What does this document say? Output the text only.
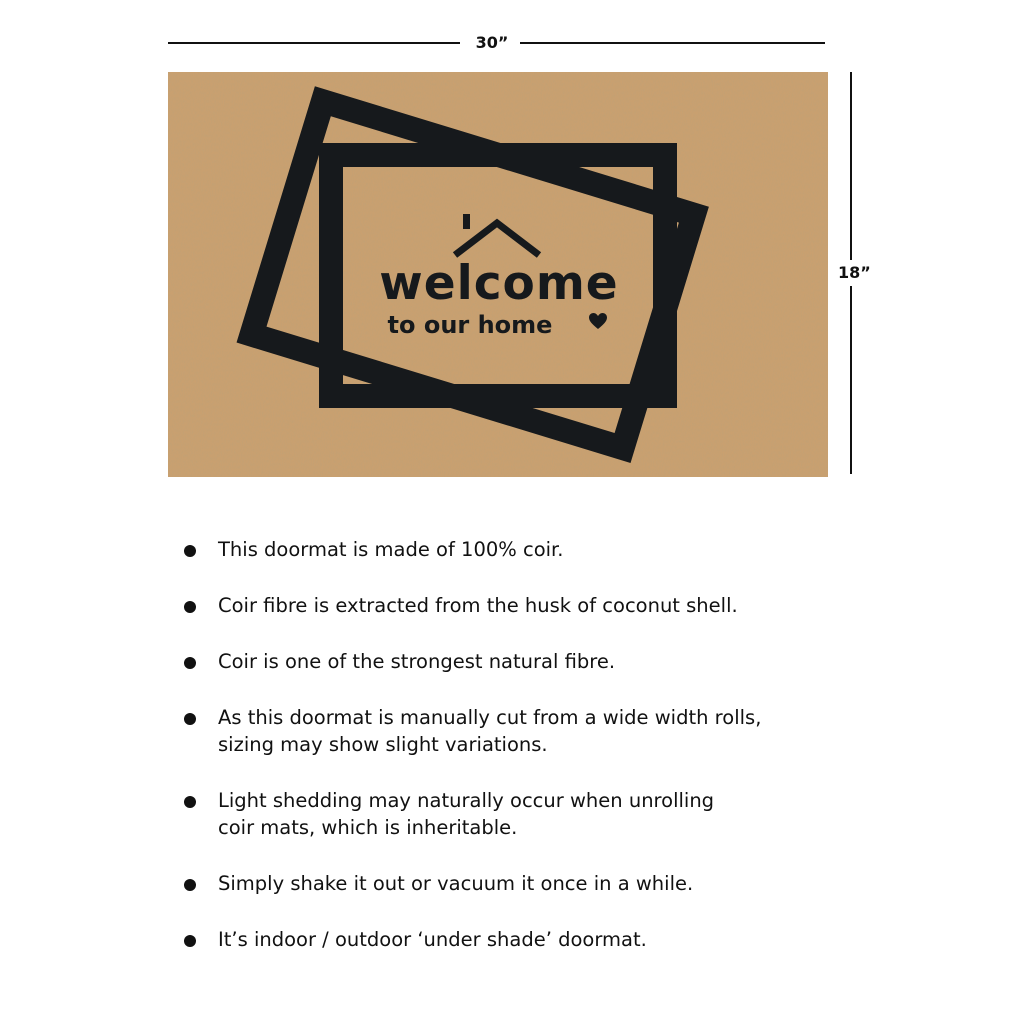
30”
18”
welcome
to our home
This doormat is made of 100% coir.
Coir fibre is extracted from the husk of coconut shell.
Coir is one of the strongest natural fibre.
As this doormat is manually cut from a wide width rolls,
sizing may show slight variations.
Light shedding may naturally occur when unrolling
coir mats, which is inheritable.
Simply shake it out or vacuum it once in a while.
It’s indoor / outdoor ‘under shade’ doormat.
